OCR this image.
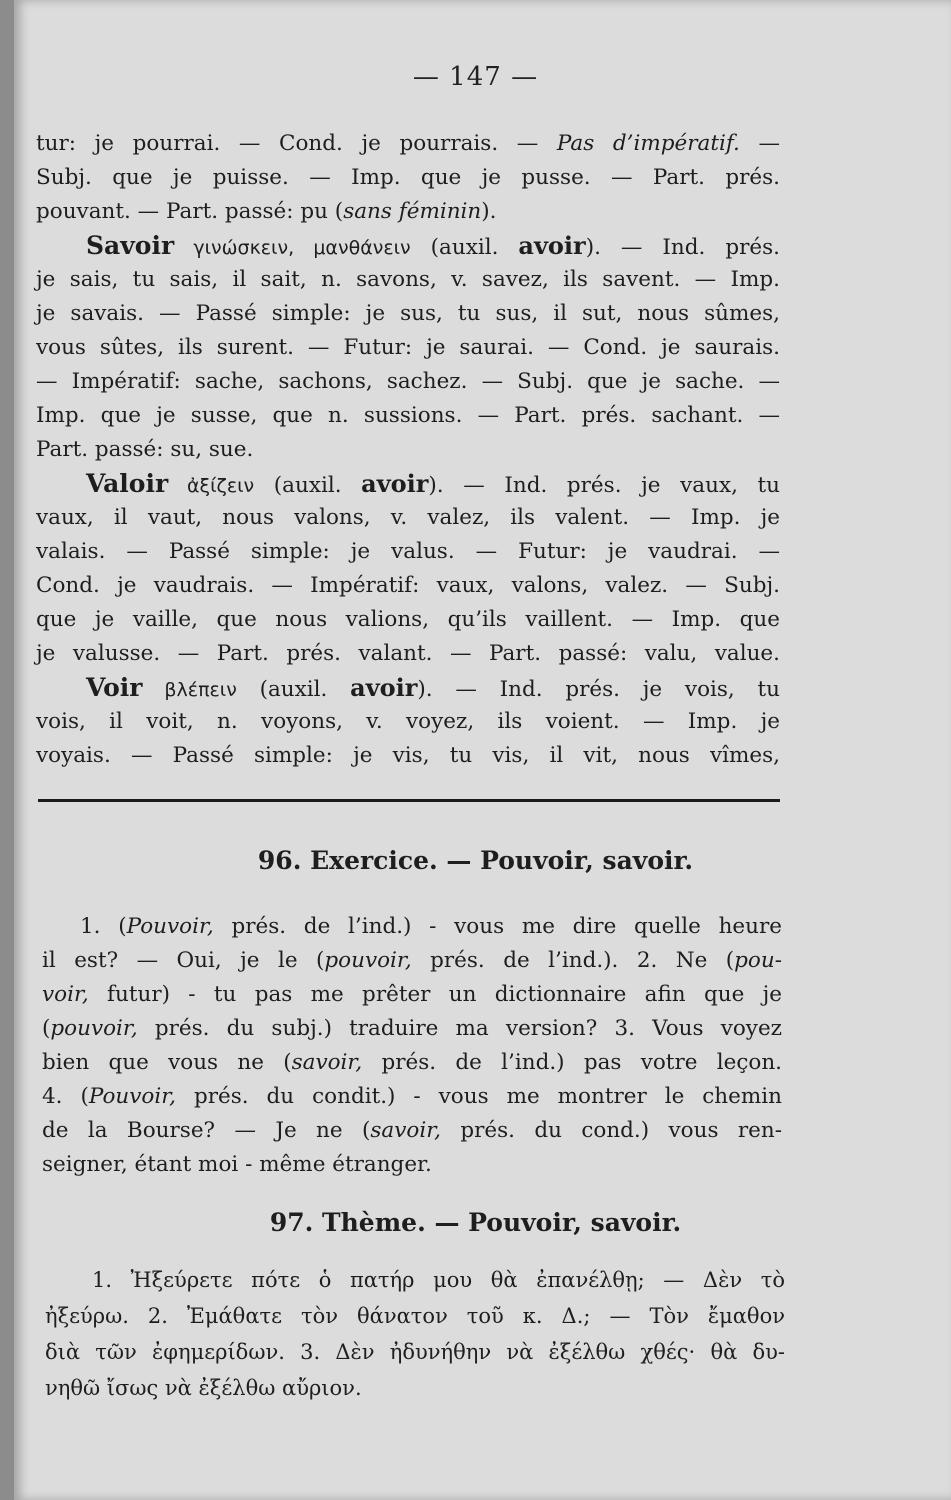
— 147 —
tur: je pourrai. — Cond. je pourrais. — Pas d’impératif. —
Subj. que je puisse. — Imp. que je pusse. — Part. prés.
pouvant. — Part. passé: pu (sans féminin).
Savoir γινώσκειν, μανθάνειν (auxil. avoir). — Ind. prés.
je sais, tu sais, il sait, n. savons, v. savez, ils savent. — Imp.
je savais. — Passé simple: je sus, tu sus, il sut, nous sûmes,
vous sûtes, ils surent. — Futur: je saurai. — Cond. je saurais.
— Impératif: sache, sachons, sachez. — Subj. que je sache. —
Imp. que je susse, que n. sussions. — Part. prés. sachant. —
Part. passé: su, sue.
Valoir ἀξίζειν (auxil. avoir). — Ind. prés. je vaux, tu
vaux, il vaut, nous valons, v. valez, ils valent. — Imp. je
valais. — Passé simple: je valus. — Futur: je vaudrai. —
Cond. je vaudrais. — Impératif: vaux, valons, valez. — Subj.
que je vaille, que nous valions, qu’ils vaillent. — Imp. que
je valusse. — Part. prés. valant. — Part. passé: valu, value.
Voir βλέπειν (auxil. avoir). — Ind. prés. je vois, tu
vois, il voit, n. voyons, v. voyez, ils voient. — Imp. je
voyais. — Passé simple: je vis, tu vis, il vit, nous vîmes,
96. Exercice. — Pouvoir, savoir.
1. (Pouvoir, prés. de l’ind.) - vous me dire quelle heure
il est? — Oui, je le (pouvoir, prés. de l’ind.). 2. Ne (pou-
voir, futur) - tu pas me prêter un dictionnaire afin que je
(pouvoir, prés. du subj.) traduire ma version? 3. Vous voyez
bien que vous ne (savoir, prés. de l’ind.) pas votre leçon.
4. (Pouvoir, prés. du condit.) - vous me montrer le chemin
de la Bourse? — Je ne (savoir, prés. du cond.) vous ren-
seigner, étant moi - même étranger.
97. Thème. — Pouvoir, savoir.
1. Ἠξεύρετε πότε ὁ πατήρ μου θὰ ἐπανέλθῃ; — Δὲν τὸ
ἠξεύρω. 2. Ἐμάθατε τὸν θάνατον τοῦ κ. Δ.; — Τὸν ἔμαθον
διὰ τῶν ἐφημερίδων. 3. Δὲν ἠδυνήθην νὰ ἐξέλθω χθές· θὰ δυ-
νηθῶ ἴσως νὰ ἐξέλθω αὔριον.
